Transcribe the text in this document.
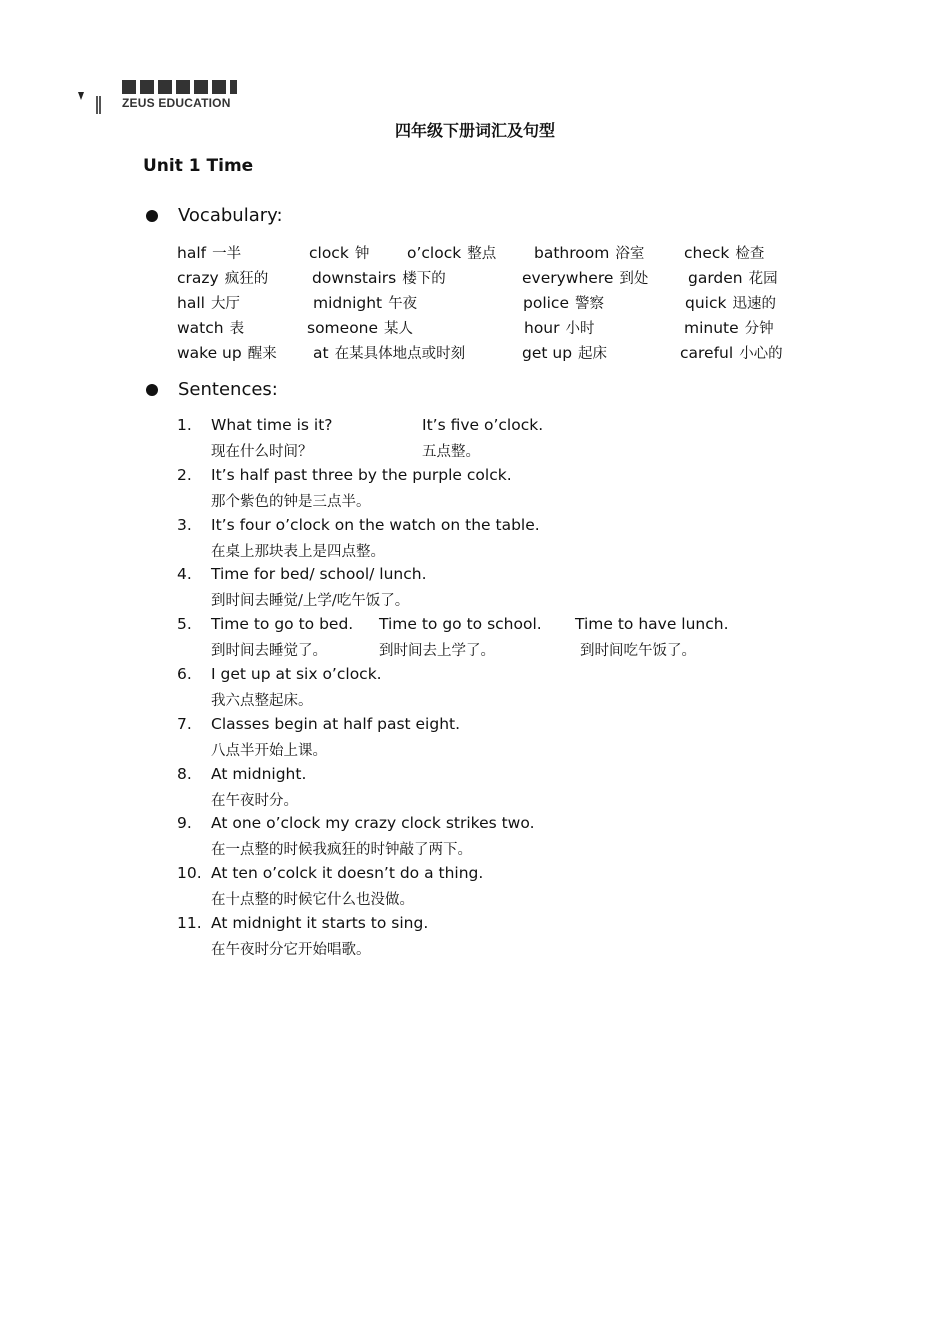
ZEUS EDUCATION
四年级下册词汇及句型
Unit 1 Time
Vocabulary:
half 一半	clock 钟 o’clock 整点 bathroom 浴室	check 检查
crazy 疯狂的	downstairs 楼下的	everywhere 到处	garden 花园
hall 大厅	midnight 午夜	police 警察	quick 迅速的
watch 表	someone 某人	hour 小时	minute 分钟
wake up 醒来 at 在某具体地点或时刻	get up 起床	careful 小心的
Sentences:
1. What time is it?
现在什么时间？
It’s five o’clock.
五点整。
2. It’s half past three by the purple colck.
那个紫色的钟是三点半。
3. It’s four o’clock on the watch on the table.
在桌上那块表上是四点整。
4. Time for bed/ school/ lunch.
到时间去睡觉/上学/吃午饭了。
5. Time to go to bed.
到时间去睡觉了。
Time to go to school.
到时间去上学了。
Time to have lunch.
到时间吃午饭了。
6. I get up at six o’clock.
我六点整起床。
7. Classes begin at half past eight.
八点半开始上课。
8. At midnight.
在午夜时分。
9. At one o’clock my crazy clock strikes two.
在一点整的时候我疯狂的时钟敲了两下。
10. At ten o’colck it doesn’t do a thing.
在十点整的时候它什么也没做。
11. At midnight it starts to sing.
在午夜时分它开始唱歌。
